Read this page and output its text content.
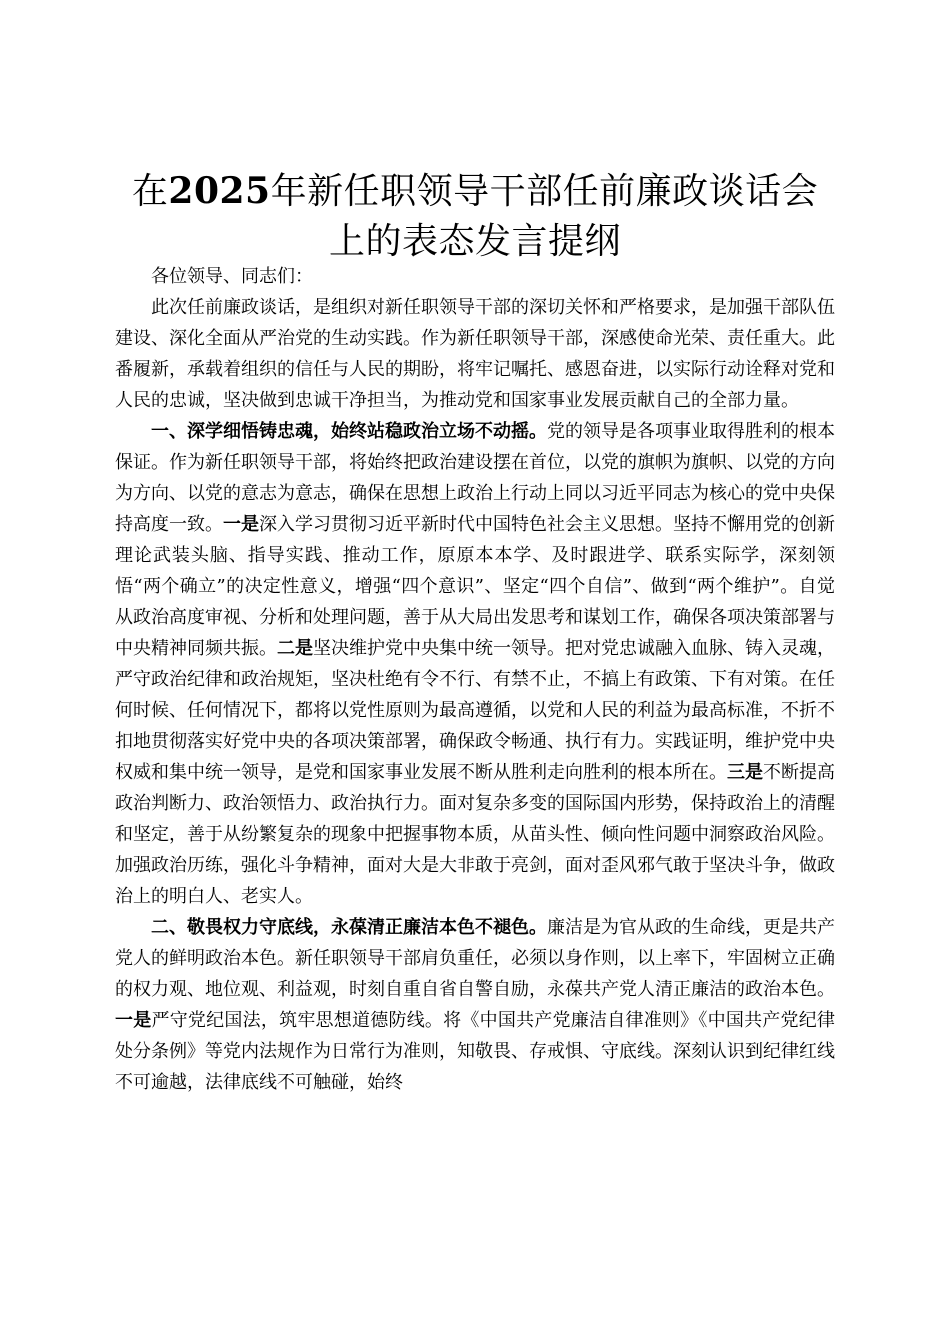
在2025年新任职领导干部任前廉政谈话会上的表态发言提纲

各位领导、同志们：

此次任前廉政谈话，是组织对新任职领导干部的深切关怀和严格要求，是加强干部队伍建设、深化全面从严治党的生动实践。作为新任职领导干部，深感使命光荣、责任重大。此番履新，承载着组织的信任与人民的期盼，将牢记嘱托、感恩奋进，以实际行动诠释对党和人民的忠诚，坚决做到忠诚干净担当，为推动党和国家事业发展贡献自己的全部力量。

一、深学细悟铸忠魂，始终站稳政治立场不动摇。党的领导是各项事业取得胜利的根本保证。作为新任职领导干部，将始终把政治建设摆在首位，以党的旗帜为旗帜、以党的方向为方向、以党的意志为意志，确保在思想上政治上行动上同以习近平同志为核心的党中央保持高度一致。一是深入学习贯彻习近平新时代中国特色社会主义思想。坚持不懈用党的创新理论武装头脑、指导实践、推动工作，原原本本学、及时跟进学、联系实际学，深刻领悟“两个确立”的决定性意义，增强“四个意识”、坚定“四个自信”、做到“两个维护”。自觉从政治高度审视、分析和处理问题，善于从大局出发思考和谋划工作，确保各项决策部署与中央精神同频共振。二是坚决维护党中央集中统一领导。把对党忠诚融入血脉、铸入灵魂，严守政治纪律和政治规矩，坚决杜绝有令不行、有禁不止，不搞上有政策、下有对策。在任何时候、任何情况下，都将以党性原则为最高遵循，以党和人民的利益为最高标准，不折不扣地贯彻落实好党中央的各项决策部署，确保政令畅通、执行有力。实践证明，维护党中央权威和集中统一领导，是党和国家事业发展不断从胜利走向胜利的根本所在。三是不断提高政治判断力、政治领悟力、政治执行力。面对复杂多变的国际国内形势，保持政治上的清醒和坚定，善于从纷繁复杂的现象中把握事物本质，从苗头性、倾向性问题中洞察政治风险。加强政治历练，强化斗争精神，面对大是大非敢于亮剑，面对歪风邪气敢于坚决斗争，做政治上的明白人、老实人。

二、敬畏权力守底线，永葆清正廉洁本色不褪色。廉洁是为官从政的生命线，更是共产党人的鲜明政治本色。新任职领导干部肩负重任，必须以身作则，以上率下，牢固树立正确的权力观、地位观、利益观，时刻自重自省自警自励，永葆共产党人清正廉洁的政治本色。一是严守党纪国法，筑牢思想道德防线。将《中国共产党廉洁自律准则》《中国共产党纪律处分条例》等党内法规作为日常行为准则，知敬畏、存戒惧、守底线。深刻认识到纪律红线不可逾越，法律底线不可触碰，始终
